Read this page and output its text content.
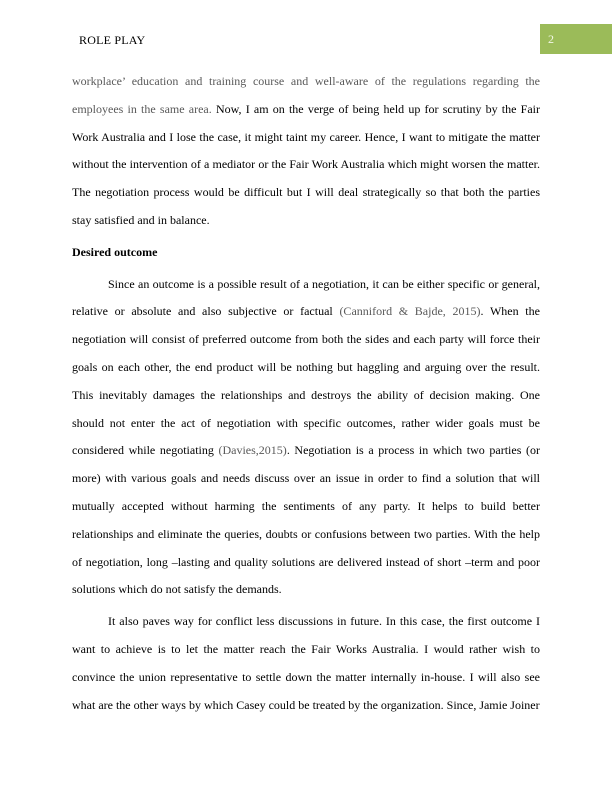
ROLE PLAY	2

workplace’ education and training course and well-aware of the regulations regarding the employees in the same area. Now, I am on the verge of being held up for scrutiny by the Fair Work Australia and I lose the case, it might taint my career. Hence, I want to mitigate the matter without the intervention of a mediator or the Fair Work Australia which might worsen the matter. The negotiation process would be difficult but I will deal strategically so that both the parties stay satisfied and in balance.

Desired outcome

Since an outcome is a possible result of a negotiation, it can be either specific or general, relative or absolute and also subjective or factual (Canniford & Bajde, 2015). When the negotiation will consist of preferred outcome from both the sides and each party will force their goals on each other, the end product will be nothing but haggling and arguing over the result. This inevitably damages the relationships and destroys the ability of decision making. One should not enter the act of negotiation with specific outcomes, rather wider goals must be considered while negotiating (Davies,2015). Negotiation is a process in which two parties (or more) with various goals and needs discuss over an issue in order to find a solution that will mutually accepted without harming the sentiments of any party. It helps to build better relationships and eliminate the queries, doubts or confusions between two parties. With the help of negotiation, long –lasting and quality solutions are delivered instead of short –term and poor solutions which do not satisfy the demands.

It also paves way for conflict less discussions in future. In this case, the first outcome I want to achieve is to let the matter reach the Fair Works Australia. I would rather wish to convince the union representative to settle down the matter internally in-house. I will also see what are the other ways by which Casey could be treated by the organization. Since, Jamie Joiner
